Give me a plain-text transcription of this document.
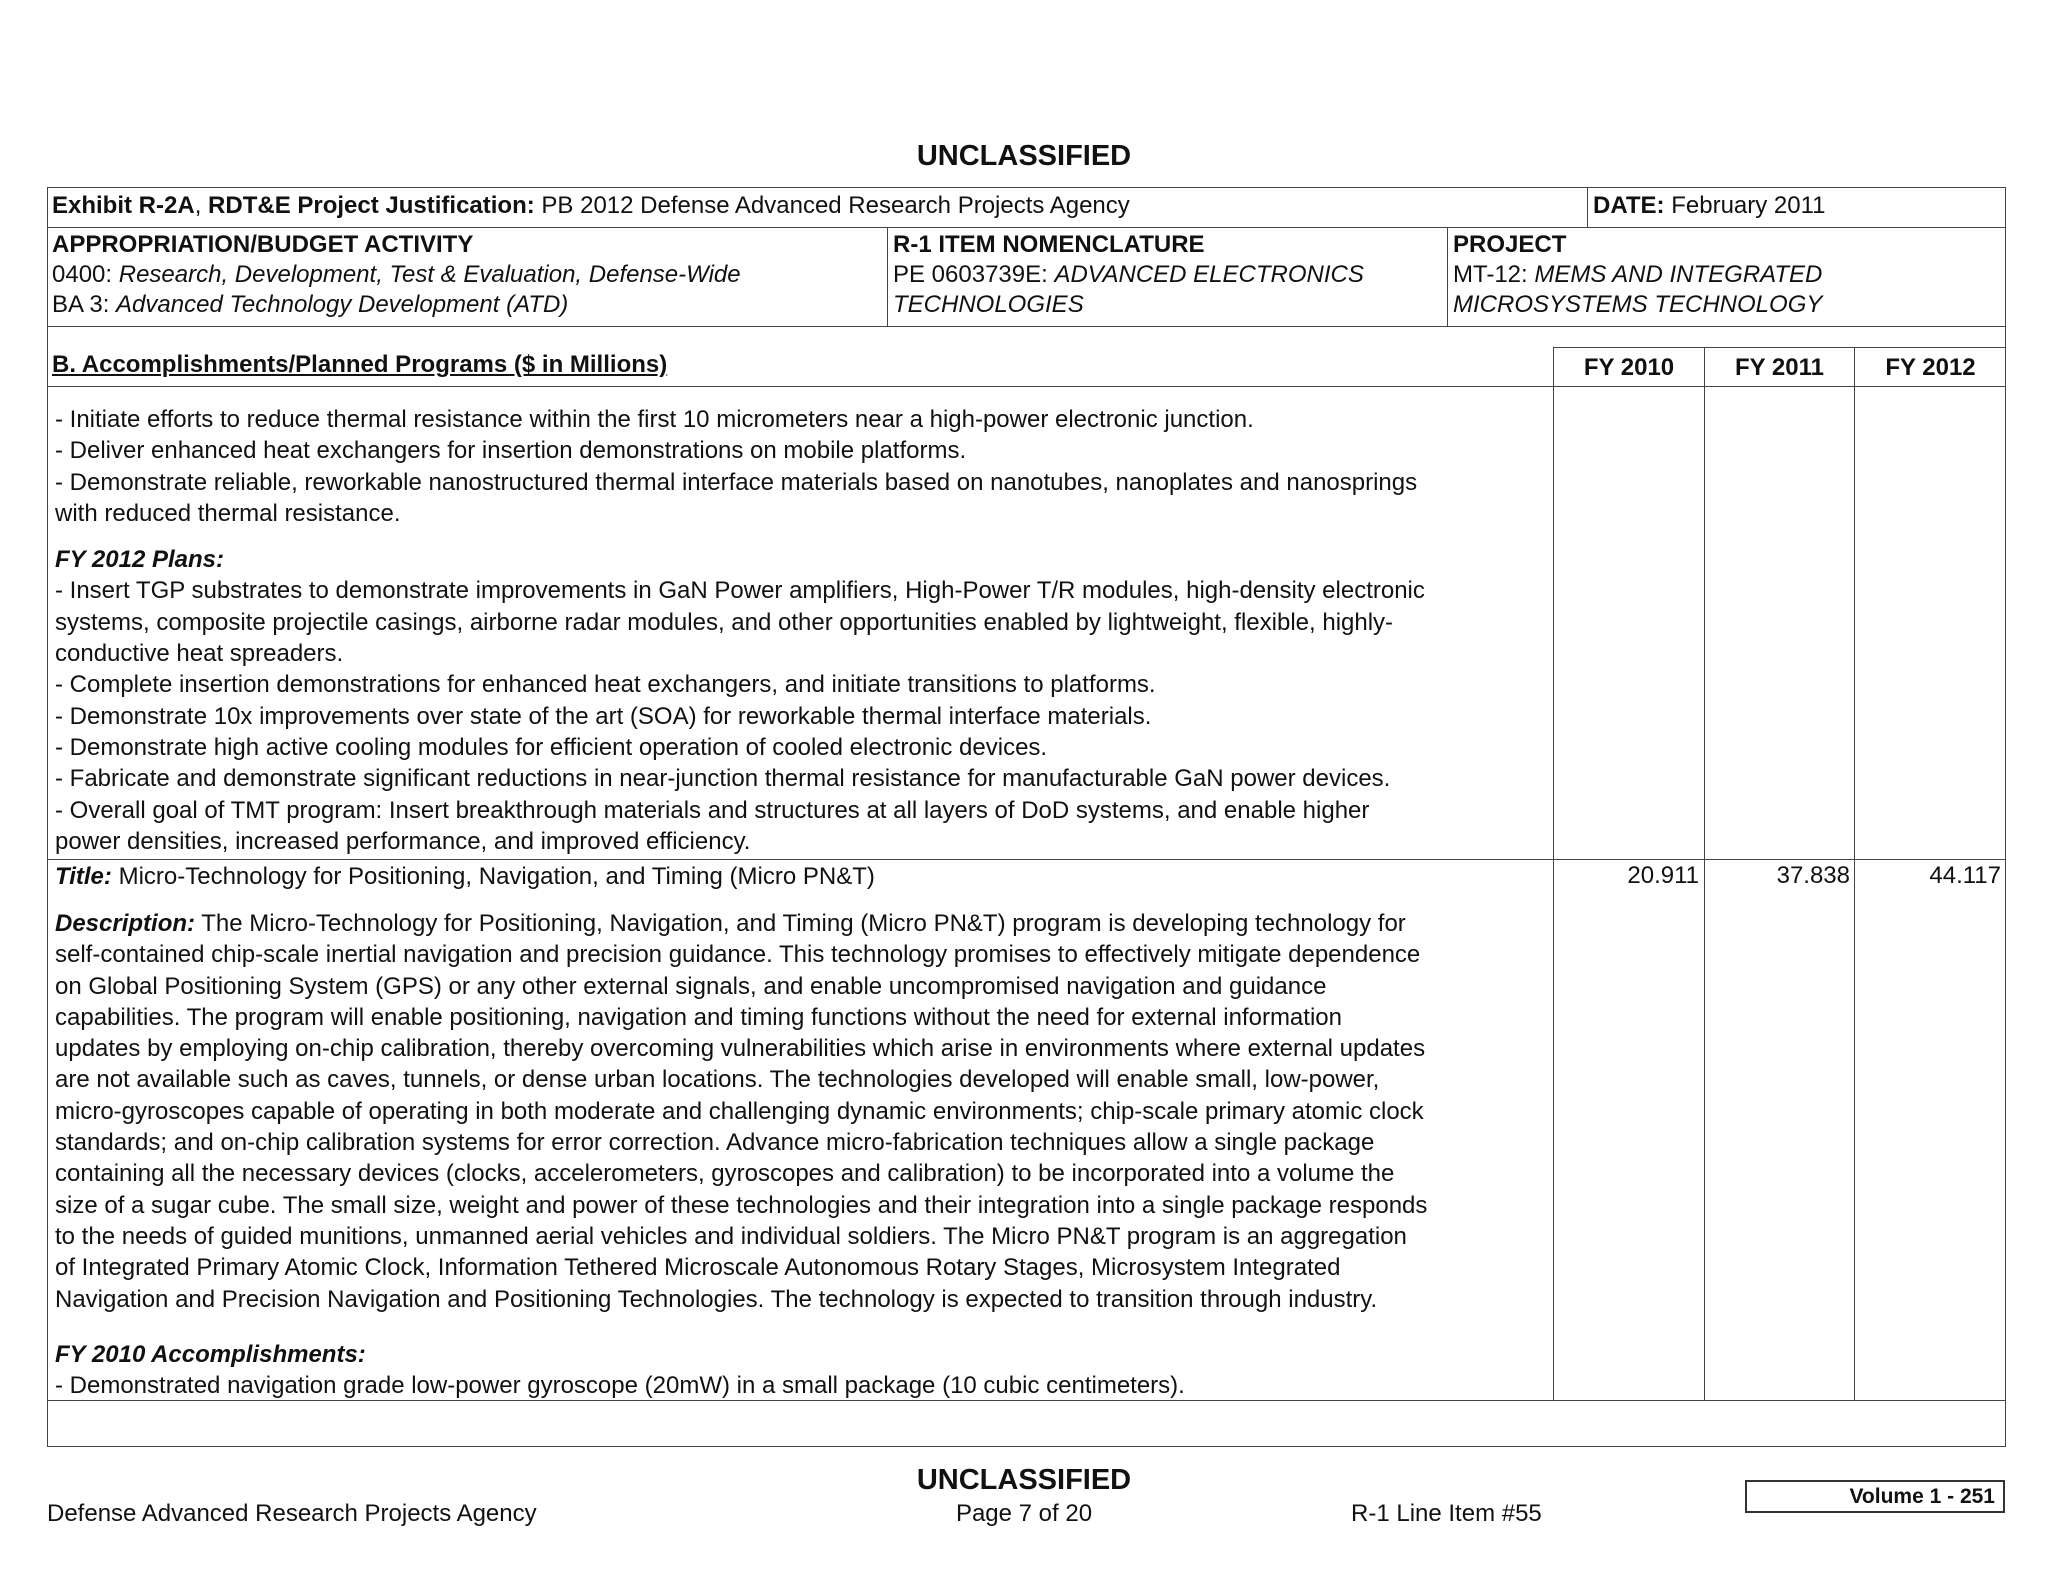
UNCLASSIFIED
Exhibit R-2A, RDT&E Project Justification: PB 2012 Defense Advanced Research Projects Agency	DATE: February 2011
APPROPRIATION/BUDGET ACTIVITY
0400: Research, Development, Test & Evaluation, Defense-Wide
BA 3: Advanced Technology Development (ATD)
R-1 ITEM NOMENCLATURE
PE 0603739E: ADVANCED ELECTRONICS
TECHNOLOGIES
PROJECT
MT-12: MEMS AND INTEGRATED
MICROSYSTEMS TECHNOLOGY
B. Accomplishments/Planned Programs ($ in Millions)	FY 2010	FY 2011	FY 2012

- Initiate efforts to reduce thermal resistance within the first 10 micrometers near a high-power electronic junction.

- Deliver enhanced heat exchangers for insertion demonstrations on mobile platforms.

- Demonstrate reliable, reworkable nanostructured thermal interface materials based on nanotubes, nanoplates and nanosprings

with reduced thermal resistance.

FY 2012 Plans:

- Insert TGP substrates to demonstrate improvements in GaN Power amplifiers, High-Power T/R modules, high-density electronic

systems, composite projectile casings, airborne radar modules, and other opportunities enabled by lightweight, flexible, highly-

conductive heat spreaders.

- Complete insertion demonstrations for enhanced heat exchangers, and initiate transitions to platforms.

- Demonstrate 10x improvements over state of the art (SOA) for reworkable thermal interface materials.

- Demonstrate high active cooling modules for efficient operation of cooled electronic devices.

- Fabricate and demonstrate significant reductions in near-junction thermal resistance for manufacturable GaN power devices.

- Overall goal of TMT program: Insert breakthrough materials and structures at all layers of DoD systems, and enable higher

power densities, increased performance, and improved efficiency.

Title: Micro-Technology for Positioning, Navigation, and Timing (Micro PN&T)	20.911	37.838	44.117

Description: The Micro-Technology for Positioning, Navigation, and Timing (Micro PN&T) program is developing technology for

self-contained chip-scale inertial navigation and precision guidance. This technology promises to effectively mitigate dependence

on Global Positioning System (GPS) or any other external signals, and enable uncompromised navigation and guidance

capabilities. The program will enable positioning, navigation and timing functions without the need for external information

updates by employing on-chip calibration, thereby overcoming vulnerabilities which arise in environments where external updates

are not available such as caves, tunnels, or dense urban locations. The technologies developed will enable small, low-power,

micro-gyroscopes capable of operating in both moderate and challenging dynamic environments; chip-scale primary atomic clock

standards; and on-chip calibration systems for error correction. Advance micro-fabrication techniques allow a single package

containing all the necessary devices (clocks, accelerometers, gyroscopes and calibration) to be incorporated into a volume the

size of a sugar cube. The small size, weight and power of these technologies and their integration into a single package responds

to the needs of guided munitions, unmanned aerial vehicles and individual soldiers. The Micro PN&T program is an aggregation

of Integrated Primary Atomic Clock, Information Tethered Microscale Autonomous Rotary Stages, Microsystem Integrated

Navigation and Precision Navigation and Positioning Technologies. The technology is expected to transition through industry.

FY 2010 Accomplishments:

- Demonstrated navigation grade low-power gyroscope (20mW) in a small package (10 cubic centimeters).

UNCLASSIFIED
Defense Advanced Research Projects Agency	Page 7 of 20	R-1 Line Item #55
Volume 1 - 251
